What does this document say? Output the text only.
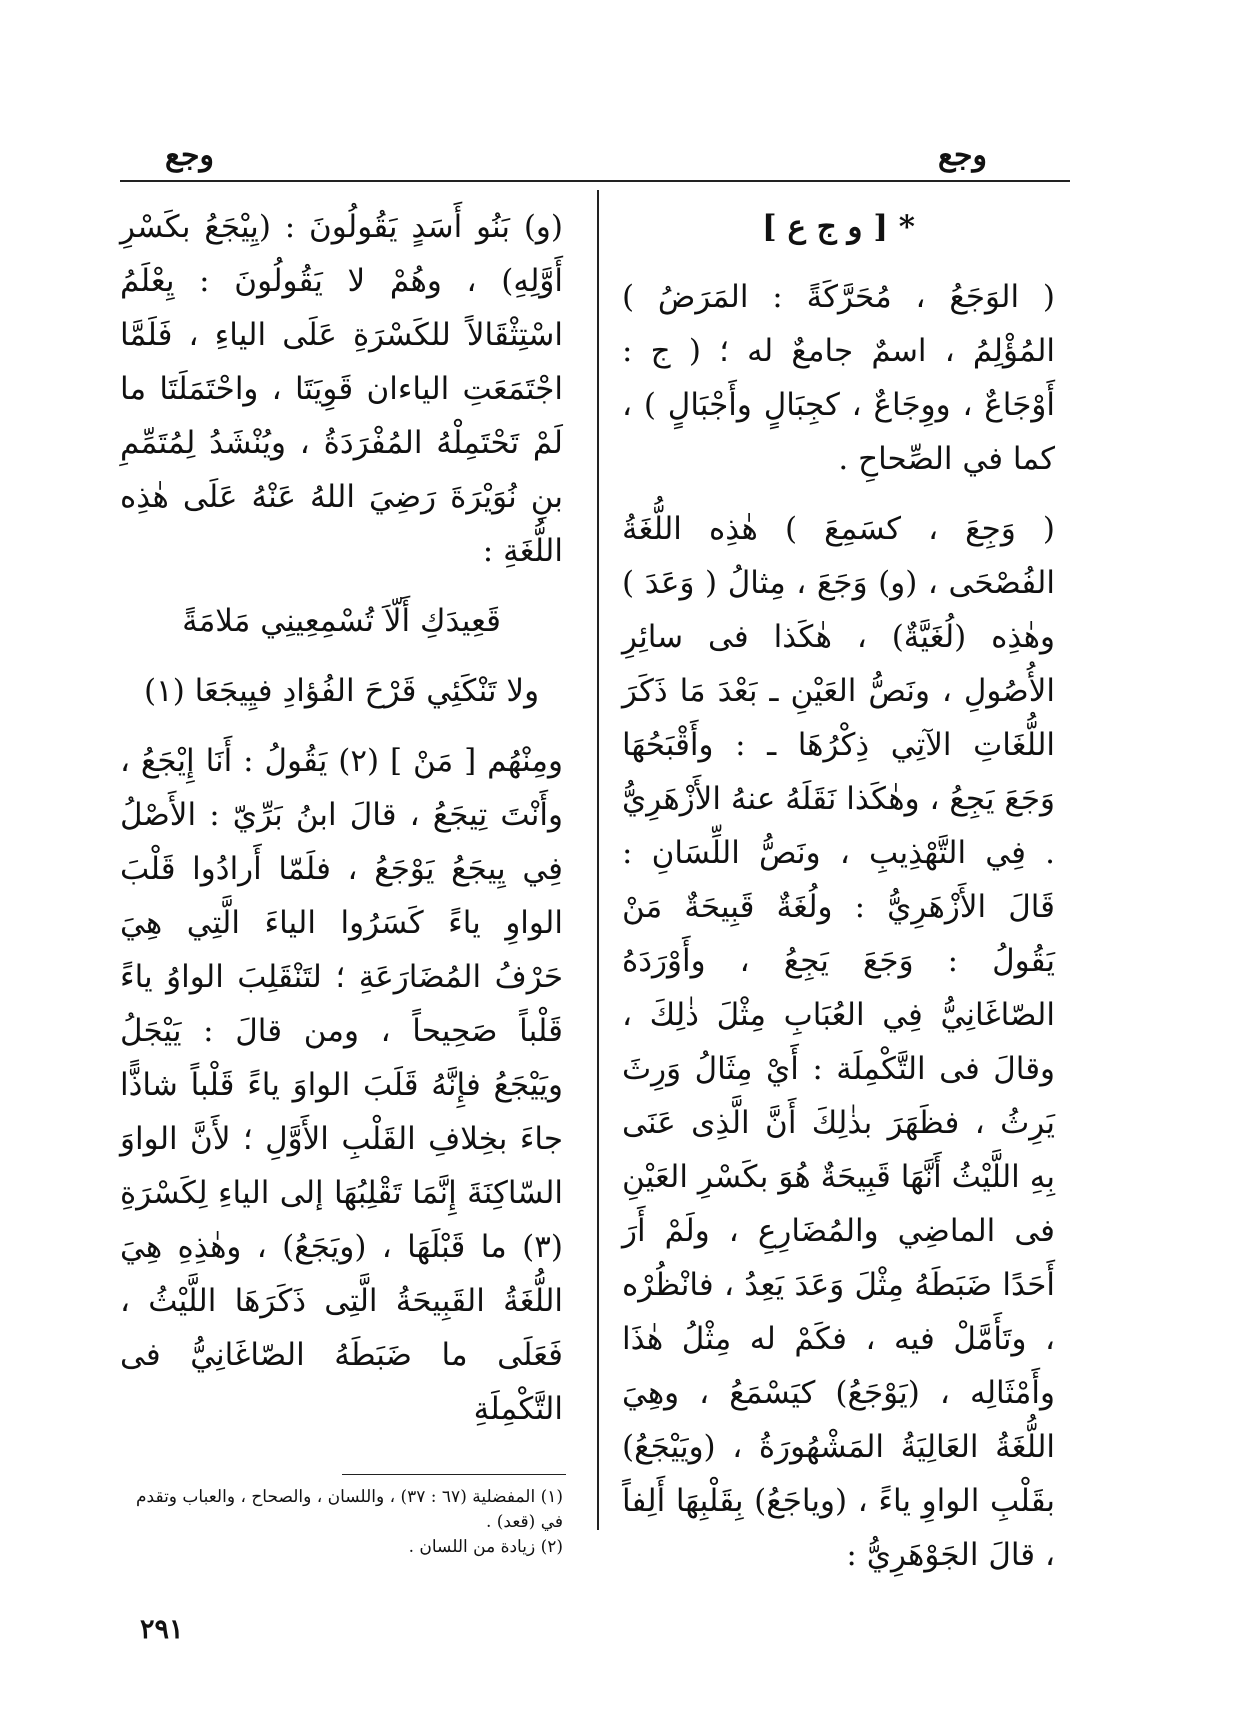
وجع
وجع

* [ و ج ع ]

( الوَجَعُ ، مُحَرَّكَةً : المَرَضُ ) المُؤْلِمُ ، اسمٌ جامعٌ له ؛ ( ج : أَوْجَاعٌ ، ووِجَاعٌ ، كجِبَالٍ وأَجْبَالٍ ) ، كما في الصِّحاحِ .

( وَجِعَ ، كسَمِعَ ) هٰذِه اللُّغَةُ الفُصْحَى ، (و) وَجَعَ ، مِثالُ ( وَعَدَ ) وهٰذِه (لُغَيَّةٌ) ، هٰكَذا فى سائِرِ الأُصُولِ ، ونَصُّ العَيْنِ ـ بَعْدَ مَا ذَكَرَ اللُّغَاتِ الآتِي ذِكْرُهَا ـ : وأَقْبَحُهَا وَجَعَ يَجِعُ ، وهٰكَذا نَقَلَهُ عنهُ الأَزْهَرِيُّ . فِي التَّهْذِيبِ ، ونَصُّ اللِّسَانِ : قَالَ الأَزْهَرِيُّ : ولُغَةٌ قَبِيحَةٌ مَنْ يَقُولُ : وَجَعَ يَجِعُ ، وأَوْرَدَهُ الصّاغَانِيُّ فِي العُبَابِ مِثْلَ ذٰلِكَ ، وقالَ فى التَّكْمِلَة : أَيْ مِثَالُ وَرِثَ يَرِثُ ، فظَهَرَ بذٰلِكَ أَنَّ الَّذِى عَنَى بِهِ اللَّيْثُ أَنَّهَا قَبِيحَةٌ هُوَ بكَسْرِ العَيْنِ فى الماضِي والمُضَارِعِ ، ولَمْ أَرَ أَحَدًا ضَبَطَهُ مِثْلَ وَعَدَ يَعِدُ ، فانْظُرْه ، وتَأَمَّلْ فيه ، فكَمْ له مِثْلُ هٰذَا وأَمْثَالِه ، (يَوْجَعُ) كيَسْمَعُ ، وهِيَ اللُّغَةُ العَالِيَةُ المَشْهُورَةُ ، (ويَيْجَعُ) بقَلْبِ الواوِ ياءً ، (وياجَعُ) بِقَلْبِهَا أَلِفاً ، قالَ الجَوْهَرِيُّ :

(و) بَنُو أَسَدٍ يَقُولُونَ : (يِيْجَعُ بكَسْرِ أَوَّلِهِ) ، وهُمْ لا يَقُولُونَ : يِعْلَمُ اسْتِثْقَالاً للكَسْرَةِ عَلَى الياءِ ، فَلَمَّا اجْتَمَعَتِ الياءان قَوِيَتَا ، واحْتَمَلَتَا ما لَمْ تَحْتَمِلْهُ المُفْرَدَةُ ، ويُنْشَدُ لِمُتَمِّمِ بنِ نُوَيْرَةَ رَضِيَ اللهُ عَنْهُ عَلَى هٰذِه اللُّغَةِ :

قَعِيدَكِ أَلّاَ تُسْمِعِينِي مَلامَةً

ولا تَنْكَئِي قَرْحَ الفُؤادِ فيِيجَعَا (١)

ومِنْهُم [ مَنْ ] (٢) يَقُولُ : أَنَا إِيْجَعُ ، وأَنْتَ تِيجَعُ ، قالَ ابنُ بَرِّيّ : الأَصْلُ فِي يِيجَعُ يَوْجَعُ ، فلَمّا أَرادُوا قَلْبَ الواوِ ياءً كَسَرُوا الياءَ الَّتِي هِيَ حَرْفُ المُضَارَعَةِ ؛ لتَنْقَلِبَ الواوُ ياءً قَلْباً صَحِيحاً ، ومن قالَ : يَيْجَلُ ويَيْجَعُ فإِنَّهُ قَلَبَ الواوَ ياءً قَلْباً شاذًّا جاءَ بخِلافِ القَلْبِ الأَوَّلِ ؛ لأَنَّ الواوَ السّاكِنَةَ إِنَّمَا تَقْلِبُهَا إلى الياءِ لِكَسْرَةِ (٣) ما قَبْلَهَا ، (ويَجَعُ) ، وهٰذِهِ هِيَ اللُّغَةُ القَبِيحَةُ الَّتِى ذَكَرَهَا اللَّيْثُ ، فَعَلَى ما ضَبَطَهُ الصّاغَانِيُّ فى التَّكْمِلَةِ

(١) المفضلية (٦٧ : ٣٧) ، واللسان ، والصحاح ، والعباب وتقدم في (قعد) .

(٢) زيادة من اللسان .

٢٩١
